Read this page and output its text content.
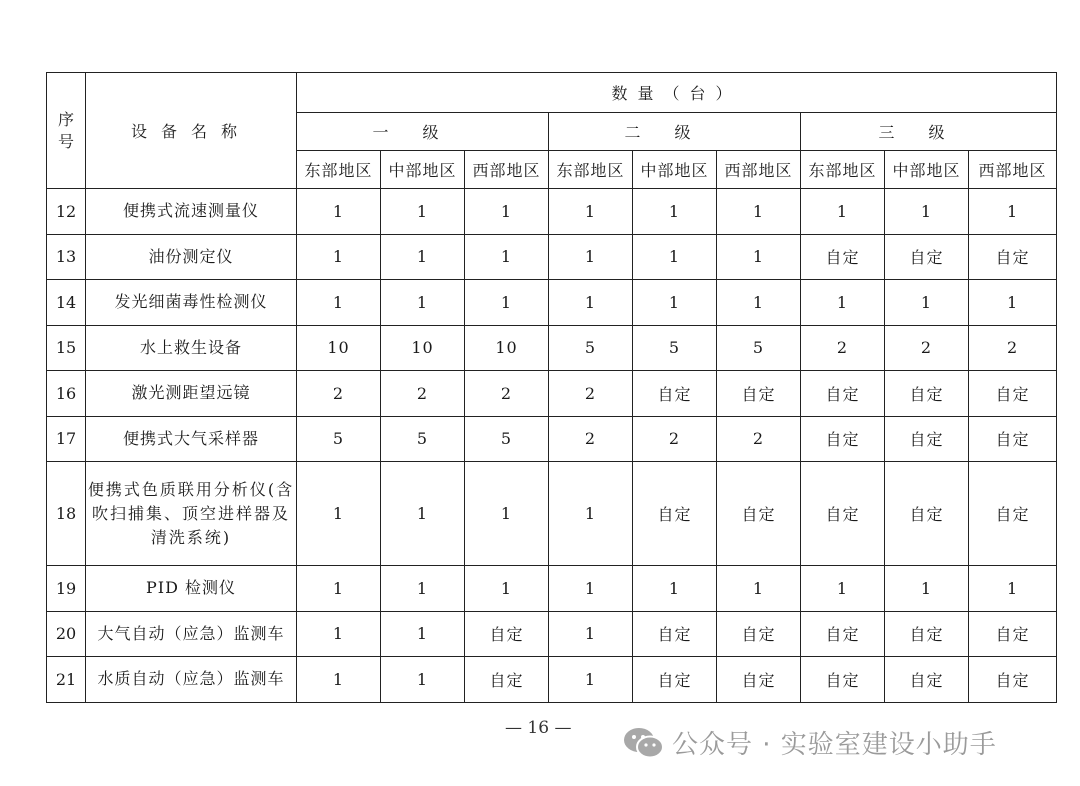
序号	设备名称	数量（台）								
		一级			二级			三级		
		东部地区	中部地区	西部地区	东部地区	中部地区	西部地区	东部地区	中部地区	西部地区
12	便携式流速测量仪	1	1	1	1	1	1	1	1	1
13	油份测定仪	1	1	1	1	1	1	自定	自定	自定
14	发光细菌毒性检测仪	1	1	1	1	1	1	1	1	1
15	水上救生设备	10	10	10	5	5	5	2	2	2
16	激光测距望远镜	2	2	2	2	自定	自定	自定	自定	自定
17	便携式大气采样器	5	5	5	2	2	2	自定	自定	自定
18	便携式色质联用分析仪(含吹扫捕集、顶空进样器及清洗系统)	1	1	1	1	自定	自定	自定	自定	自定
19	PID 检测仪	1	1	1	1	1	1	1	1	1
20	大气自动（应急）监测车	1	1	自定	1	自定	自定	自定	自定	自定
21	水质自动（应急）监测车	1	1	自定	1	自定	自定	自定	自定	自定
— 16 —
公众号 · 实验室建设小助手
